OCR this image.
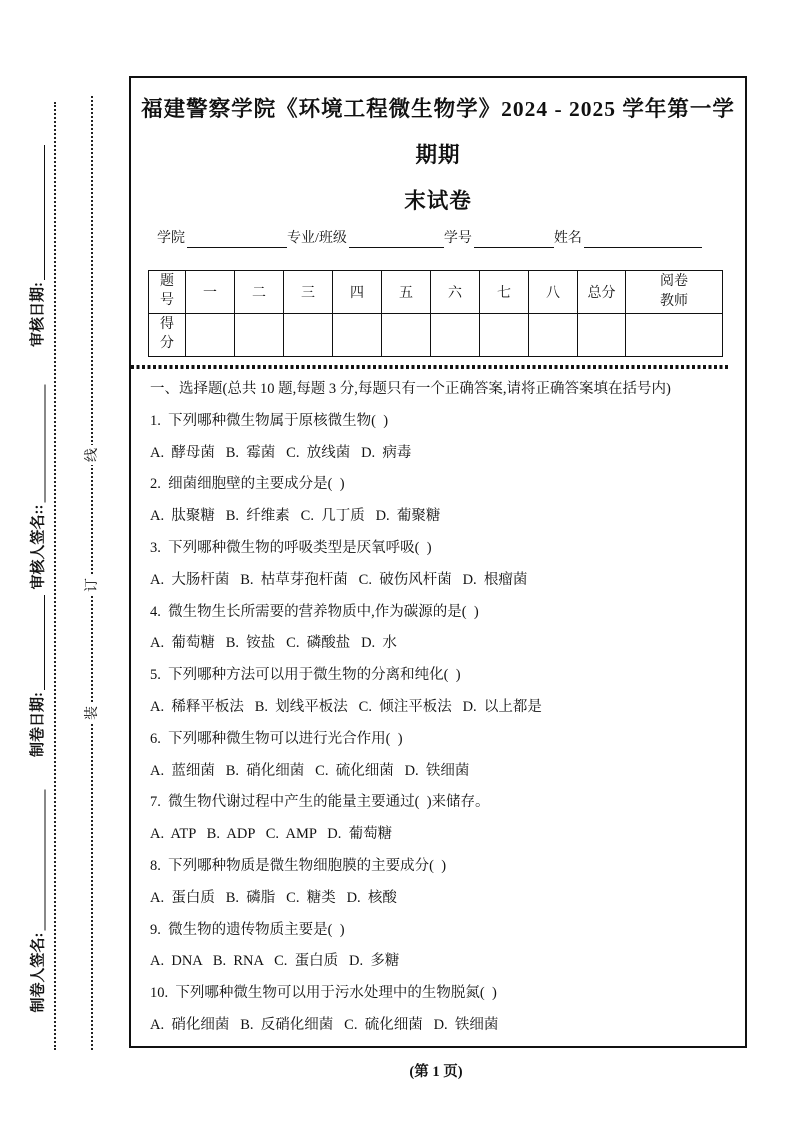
审核日期:
审核人签名::
制卷日期:
制卷人签名:
线
订
装
福建警察学院《环境工程微生物学》2024 - 2025 学年第一学期期
末试卷
学院	专业/班级	学号	姓名
题号	一	二	三	四	五	六	七	八	总分	阅卷教师
得分										

一、选择题(总共 10 题,每题 3 分,每题只有一个正确答案,请将正确答案填在括号内)

1.  下列哪种微生物属于原核微生物(  )

A.  酵母菌   B.  霉菌   C.  放线菌   D.  病毒

2.  细菌细胞壁的主要成分是(  )

A.  肽聚糖   B.  纤维素   C.  几丁质   D.  葡聚糖

3.  下列哪种微生物的呼吸类型是厌氧呼吸(  )

A.  大肠杆菌   B.  枯草芽孢杆菌   C.  破伤风杆菌   D.  根瘤菌

4.  微生物生长所需要的营养物质中,作为碳源的是(  )

A.  葡萄糖   B.  铵盐   C.  磷酸盐   D.  水

5.  下列哪种方法可以用于微生物的分离和纯化(  )

A.  稀释平板法   B.  划线平板法   C.  倾注平板法   D.  以上都是

6.  下列哪种微生物可以进行光合作用(  )

A.  蓝细菌   B.  硝化细菌   C.  硫化细菌   D.  铁细菌

7.  微生物代谢过程中产生的能量主要通过(  )来储存。

A.  ATP   B.  ADP   C.  AMP   D.  葡萄糖

8.  下列哪种物质是微生物细胞膜的主要成分(  )

A.  蛋白质   B.  磷脂   C.  糖类   D.  核酸

9.  微生物的遗传物质主要是(  )

A.  DNA   B.  RNA   C.  蛋白质   D.  多糖

10.  下列哪种微生物可以用于污水处理中的生物脱氮(  )

A.  硝化细菌   B.  反硝化细菌   C.  硫化细菌   D.  铁细菌

(第 1 页)
